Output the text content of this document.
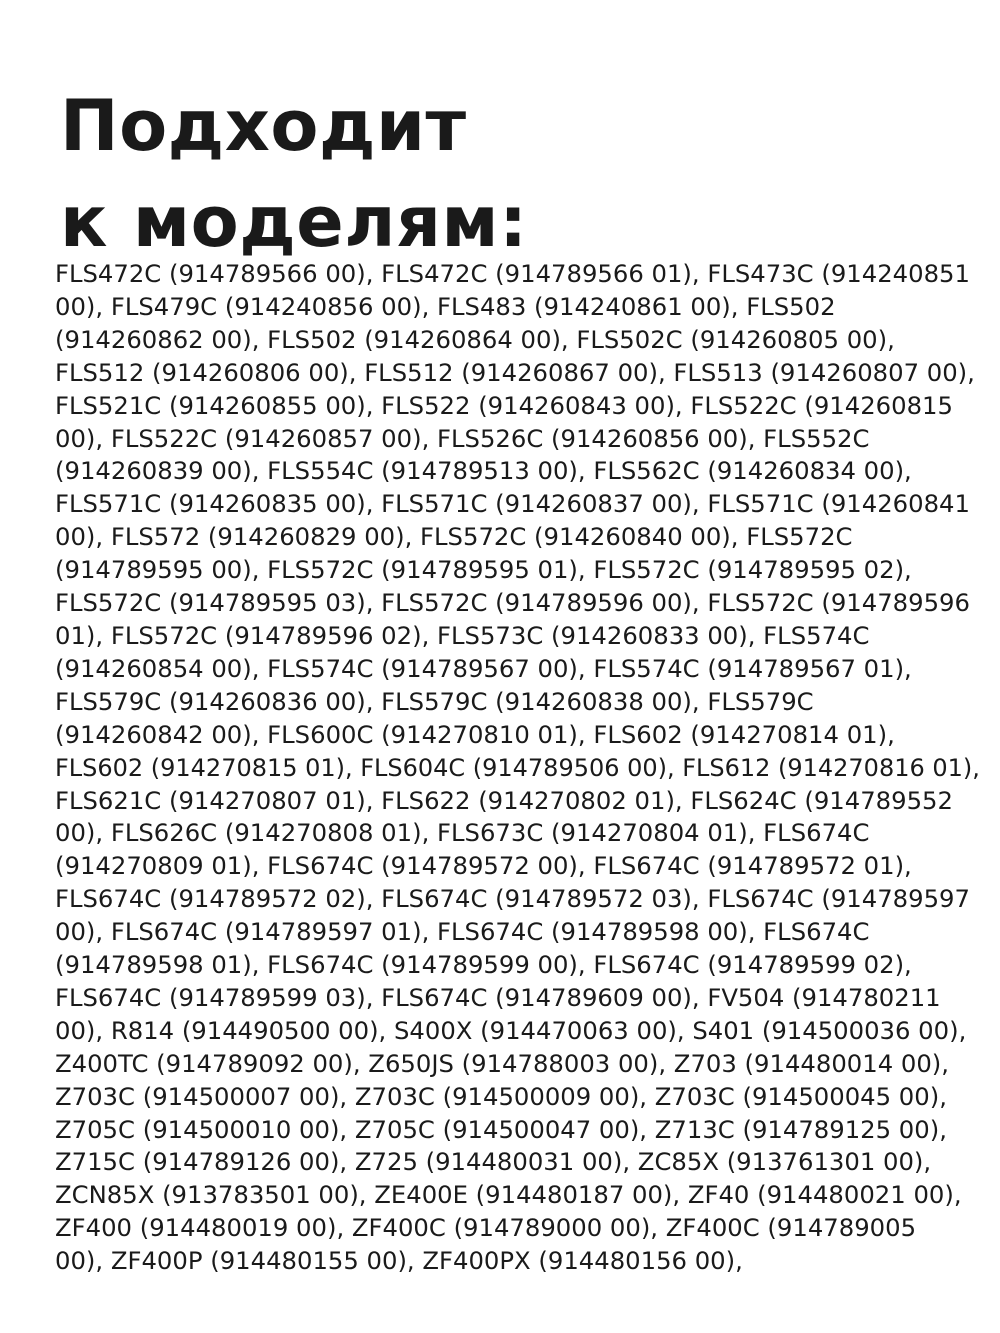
Подходит
к моделям:

FLS472C (914789566 00), FLS472C (914789566 01), FLS473C (914240851
00), FLS479C (914240856 00), FLS483 (914240861 00), FLS502
(914260862 00), FLS502 (914260864 00), FLS502C (914260805 00),
FLS512 (914260806 00), FLS512 (914260867 00), FLS513 (914260807 00),
FLS521C (914260855 00), FLS522 (914260843 00), FLS522C (914260815
00), FLS522C (914260857 00), FLS526C (914260856 00), FLS552C
(914260839 00), FLS554C (914789513 00), FLS562C (914260834 00),
FLS571C (914260835 00), FLS571C (914260837 00), FLS571C (914260841
00), FLS572 (914260829 00), FLS572C (914260840 00), FLS572C
(914789595 00), FLS572C (914789595 01), FLS572C (914789595 02),
FLS572C (914789595 03), FLS572C (914789596 00), FLS572C (914789596
01), FLS572C (914789596 02), FLS573C (914260833 00), FLS574C
(914260854 00), FLS574C (914789567 00), FLS574C (914789567 01),
FLS579C (914260836 00), FLS579C (914260838 00), FLS579C
(914260842 00), FLS600C (914270810 01), FLS602 (914270814 01),
FLS602 (914270815 01), FLS604C (914789506 00), FLS612 (914270816 01),
FLS621C (914270807 01), FLS622 (914270802 01), FLS624C (914789552
00), FLS626C (914270808 01), FLS673C (914270804 01), FLS674C
(914270809 01), FLS674C (914789572 00), FLS674C (914789572 01),
FLS674C (914789572 02), FLS674C (914789572 03), FLS674C (914789597
00), FLS674C (914789597 01), FLS674C (914789598 00), FLS674C
(914789598 01), FLS674C (914789599 00), FLS674C (914789599 02),
FLS674C (914789599 03), FLS674C (914789609 00), FV504 (914780211
00), R814 (914490500 00), S400X (914470063 00), S401 (914500036 00),
Z400TC (914789092 00), Z650JS (914788003 00), Z703 (914480014 00),
Z703C (914500007 00), Z703C (914500009 00), Z703C (914500045 00),
Z705C (914500010 00), Z705C (914500047 00), Z713C (914789125 00),
Z715C (914789126 00), Z725 (914480031 00), ZC85X (913761301 00),
ZCN85X (913783501 00), ZE400E (914480187 00), ZF40 (914480021 00),
ZF400 (914480019 00), ZF400C (914789000 00), ZF400C (914789005
00), ZF400P (914480155 00), ZF400PX (914480156 00),
